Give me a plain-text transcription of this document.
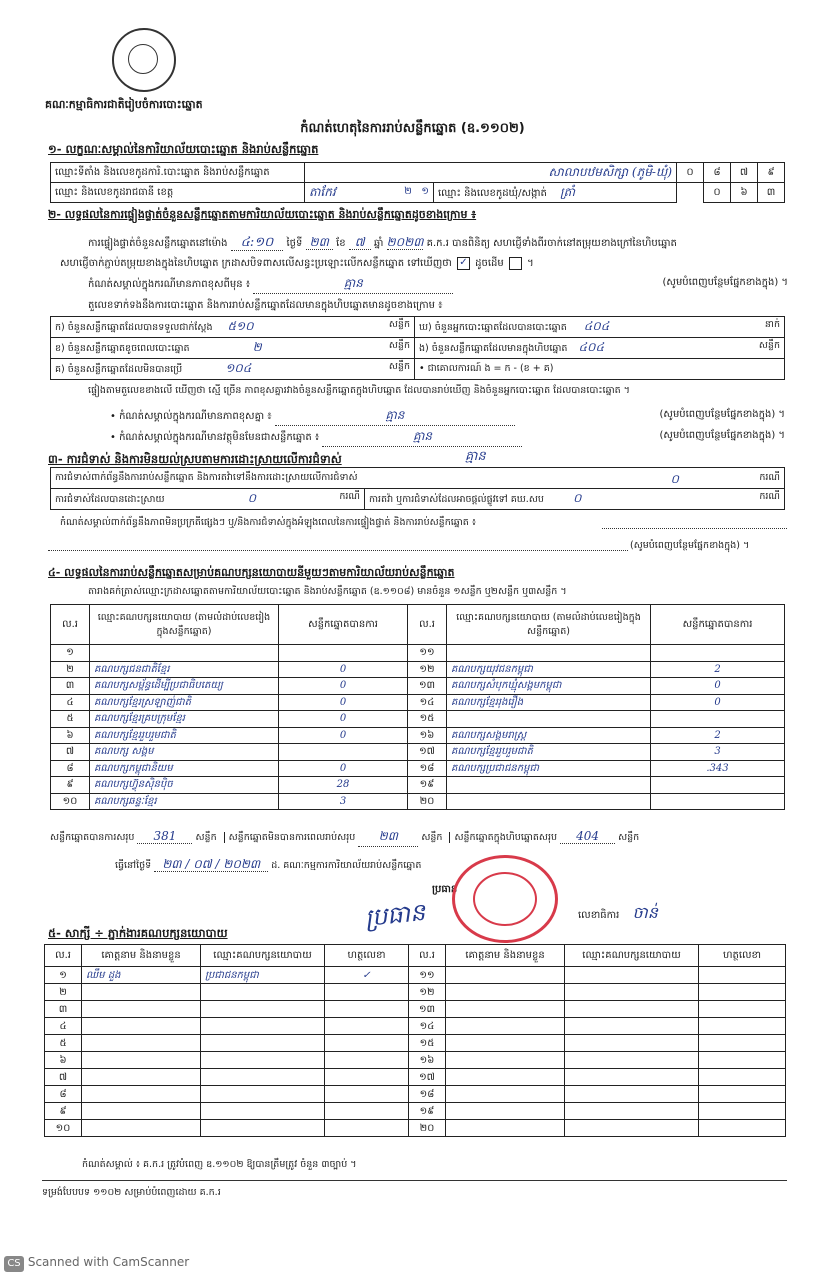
គណៈកម្មាធិការជាតិរៀបចំការបោះឆ្នោត
កំណត់ហេតុនៃការរាប់សន្លឹកឆ្នោត (ឧ.១១០២)
១- លក្ខណៈសម្គាល់នៃការិយាល័យបោះឆ្នោត និងរាប់សន្លឹកឆ្នោត
ឈ្មោះទីតាំង និងលេខកូដការិ.បោះឆ្នោត និងរាប់សន្លឹកឆ្នោត	សាលាបឋមសិក្សា (ភូមិ-ឃុំ)		០	៨	៧	៩
ឈ្មោះ និងលេខកូដរាជធានី ខេត្ត	តាកែវ ២ ១	ឈ្មោះ និងលេខកូដឃុំ/សង្កាត់ ត្រាំ		០	៦	៣
២- លទ្ធផលនៃការផ្ទៀងផ្ទាត់ចំនួនសន្លឹកឆ្នោតតាមការិយាល័យបោះឆ្នោត និងរាប់សន្លឹកឆ្នោតដូចខាងក្រោម ៖
ការផ្ទៀងផ្ទាត់ចំនួនសន្លឹកឆ្នោតនៅម៉ោង ៤:១០ ថ្ងៃទី ២៣ ខែ ៧ ឆ្នាំ ២០២៣ គ.ក.រ បានពិនិត្យ សហជ្ញើទាំងពីរចាក់នៅតម្រុយខាងក្រៅនៃហិបឆ្នោត
សហជ្ញើចាក់ភ្ជាប់តម្រុយខាងក្នុងនៃហិបឆ្នោត ក្រដាសបិទពាសលើសន្ធះប្រឡោះលើកសន្លឹកឆ្នោត ទៅឃើញថា ✓ ដូចដើម ។
កំណត់សម្គាល់ក្នុងករណីមានភាពខុសពីមុន ៖	គ្មាន	(សូមបំពេញបន្ថែមផ្នែកខាងក្នុង) ។
តួលេខទាក់ទងនឹងការបោះឆ្នោត និងការរាប់សន្លឹកឆ្នោតដែលមានក្នុងហិបឆ្នោតមានដូចខាងក្រោម ៖
ក) ចំនួនសន្លឹកឆ្នោតដែលបានទទួលជាក់ស្តែង ៥១០ សន្លឹក	ឃ) ចំនួនអ្នកបោះឆ្នោតដែលបានបោះឆ្នោត ៤០៤ នាក់

ខ) ចំនួនសន្លឹកឆ្នោតខូចពេលបោះឆ្នោត ២ សន្លឹក	ង) ចំនួនសន្លឹកឆ្នោតដែលមានក្នុងហិបឆ្នោត ៤០៤ សន្លឹក

គ) ចំនួនសន្លឹកឆ្នោតដែលមិនបានប្រើ ១០៤ សន្លឹក	• ជាគោលការណ៍ ង = ក - (ខ + គ)
ផ្ទៀងតាមតួលេខខាងលើ ឃើញថា ស្មើ ច្រើន ភាពខុសគ្នារវាងចំនួនសន្លឹកឆ្នោតក្នុងហិបឆ្នោត ដែលបានរាប់ឃើញ និងចំនួនអ្នកបោះឆ្នោត ដែលបានបោះឆ្នោត ។
• កំណត់សម្គាល់ក្នុងករណីមានភាពខុសគ្នា ៖	គ្មាន	(សូមបំពេញបន្ថែមផ្នែកខាងក្នុង) ។
• កំណត់សម្គាល់ក្នុងករណីមានវត្ថុមិនមែនជាសន្លឹកឆ្នោត ៖	គ្មាន	(សូមបំពេញបន្ថែមផ្នែកខាងក្នុង) ។
៣- ការជំទាស់ និងការមិនយល់ស្របតាមការដោះស្រាយលើការជំទាស់	គ្មាន
ការជំទាស់ពាក់ព័ន្ធនឹងការរាប់សន្លឹកឆ្នោត និងការតវ៉ាទៅនឹងការដោះស្រាយលើការជំទាស់	០	ករណី

ការជំទាស់ដែលបានដោះស្រាយ	០	ករណី	ការតវ៉ា ឬការជំទាស់ដែលអាចផ្ដល់ផ្លូវទៅ គឃ.សប ០	ករណី
កំណត់សម្គាល់ពាក់ព័ន្ធនឹងភាពមិនប្រក្រតីផ្សេងៗ ឬ/និងការជំទាស់ក្នុងអំឡុងពេលនៃការផ្ទៀងផ្ទាត់ និងការរាប់សន្លឹកឆ្នោត ៖
(សូមបំពេញបន្ថែមផ្នែកខាងក្នុង) ។
៤- លទ្ធផលនៃការរាប់សន្លឹកឆ្នោតសម្រាប់គណបក្សនយោបាយនីមួយៗតាមការិយាល័យរាប់សន្លឹកឆ្នោត
តារាងគក់ត្រាស់ឈ្មោះក្រដាសឆ្នោតតាមការិយាល័យបោះឆ្នោត និងរាប់សន្លឹកឆ្នោត (ឧ.១១០៨) មានចំនួន ១សន្លឹក ឬ២សន្លឹក ឬ៣សន្លឹក ។
ល.រ	ឈ្មោះគណបក្សនយោបាយ (តាមលំដាប់លេខរៀងក្នុងសន្លឹកឆ្នោត)	សន្លឹកឆ្នោតបានការ	ល.រ	ឈ្មោះគណបក្សនយោបាយ (តាមលំដាប់លេខរៀងក្នុងសន្លឹកឆ្នោត)	សន្លឹកឆ្នោតបានការ
១			១១		
២	គណបក្សជនជាតិខ្មែរ	0	១២	គណបក្សយុវជនកម្ពុជា	2
៣	គណបក្សសម្ព័ន្ធដើម្បីប្រជាធិបតេយ្យ	0	១៣	គណបក្សសំបុកឃ្មុំសង្គមកម្ពុជា	0
៤	គណបក្សខ្មែរស្រឡាញ់ជាតិ	0	១៤	គណបក្សខ្មែររុងរឿង	0
៥	គណបក្សខ្មែរគ្របក្រុមខ្មែរ	0	១៥		
៦	គណបក្សខ្មែររួបរួមជាតិ	0	១៦	គណបក្សសង្គមរាស្ត្រ	2
៧	គណបក្ស សង្គម		១៧	គណបក្សខ្មែររួបរួមជាតិ	3
៨	គណបក្សកម្ពុជានិយម	0	១៨	គណបក្សប្រជាជនកម្ពុជា	.343
៩	គណបក្សហ៊្វុនស៊ិនប៉ិច	28	១៩		
១០	គណបក្សឆន្ទៈខ្មែរ	3	២០		
សន្លឹកឆ្នោតបានការសរុប 381 សន្លឹក សន្លឹកឆ្នោតមិនបានការពេលរាប់សរុប ២៣ សន្លឹក សន្លឹកឆ្នោតក្នុងហិបឆ្នោតសរុប 404 សន្លឹក
ធ្វើនៅថ្ងៃទី ២៣ / ០៧ / ២០២៣ ដ. គណៈកម្មការការិយាល័យរាប់សន្លឹកឆ្នោត
ប្រធាន
ប្រធាន	លេខាធិការ ចាន់
៥- សាក្សី ÷ ភ្នាក់ងារគណបក្សនយោបាយ
ល.រ	គោត្តនាម និងនាមខ្លួន	ឈ្មោះគណបក្សនយោបាយ	ហត្ថលេខា	ល.រ	គោត្តនាម និងនាមខ្លួន	ឈ្មោះគណបក្សនយោបាយ	ហត្ថលេខា
១	ឈឹម ដួង	ប្រជាជនកម្ពុជា	✓	១១			
២				១២			
៣				១៣			
៤				១៤			
៥				១៥			
៦				១៦			
៧				១៧			
៨				១៨			
៩				១៩			
១០				២០			
កំណត់សម្គាល់ ៖ គ.ក.រ ត្រូវបំពេញ ឧ.១១០២ ឱ្យបានត្រឹមត្រូវ ចំនួន ៣ច្បាប់ ។
ទម្រង់បែបបទ ១១០២ សម្រាប់បំពេញដោយ គ.ក.រ
CS Scanned with CamScanner
